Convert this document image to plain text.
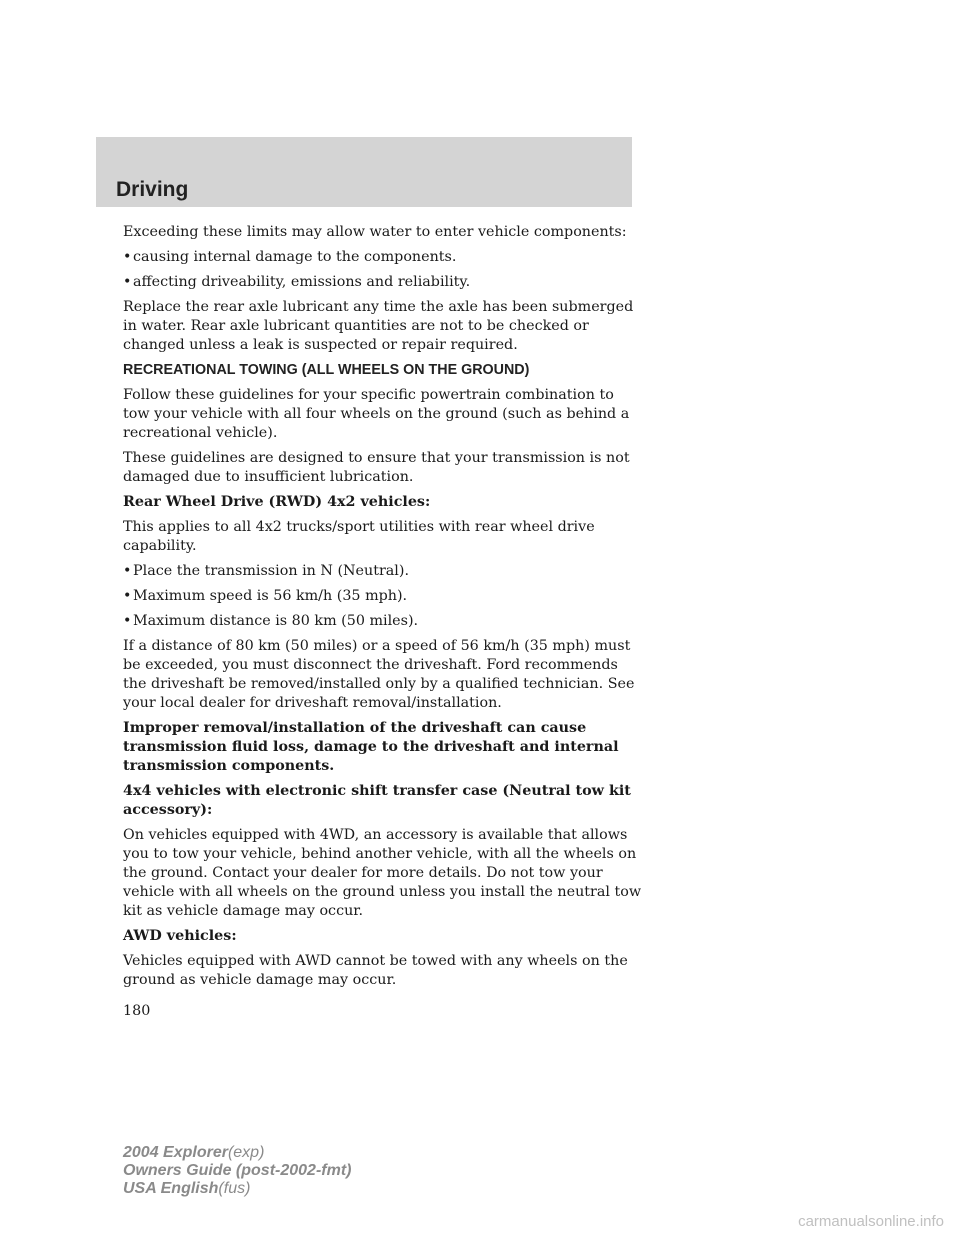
Driving

Exceeding these limits may allow water to enter vehicle components:

• causing internal damage to the components.
• affecting driveability, emissions and reliability.

Replace the rear axle lubricant any time the axle has been submerged in water. Rear axle lubricant quantities are not to be checked or changed unless a leak is suspected or repair required.

RECREATIONAL TOWING (ALL WHEELS ON THE GROUND)

Follow these guidelines for your specific powertrain combination to tow your vehicle with all four wheels on the ground (such as behind a recreational vehicle).

These guidelines are designed to ensure that your transmission is not damaged due to insufficient lubrication.

Rear Wheel Drive (RWD) 4x2 vehicles:

This applies to all 4x2 trucks/sport utilities with rear wheel drive capability.

• Place the transmission in N (Neutral).
• Maximum speed is 56 km/h (35 mph).
• Maximum distance is 80 km (50 miles).

If a distance of 80 km (50 miles) or a speed of 56 km/h (35 mph) must be exceeded, you must disconnect the driveshaft. Ford recommends the driveshaft be removed/installed only by a qualified technician. See your local dealer for driveshaft removal/installation.

Improper removal/installation of the driveshaft can cause transmission fluid loss, damage to the driveshaft and internal transmission components.

4x4 vehicles with electronic shift transfer case (Neutral tow kit accessory):

On vehicles equipped with 4WD, an accessory is available that allows you to tow your vehicle, behind another vehicle, with all the wheels on the ground. Contact your dealer for more details. Do not tow your vehicle with all wheels on the ground unless you install the neutral tow kit as vehicle damage may occur.

AWD vehicles:

Vehicles equipped with AWD cannot be towed with any wheels on the ground as vehicle damage may occur.

180
2004 Explorer(exp)
Owners Guide (post-2002-fmt)
USA English(fus)
carmanualsonline.info
